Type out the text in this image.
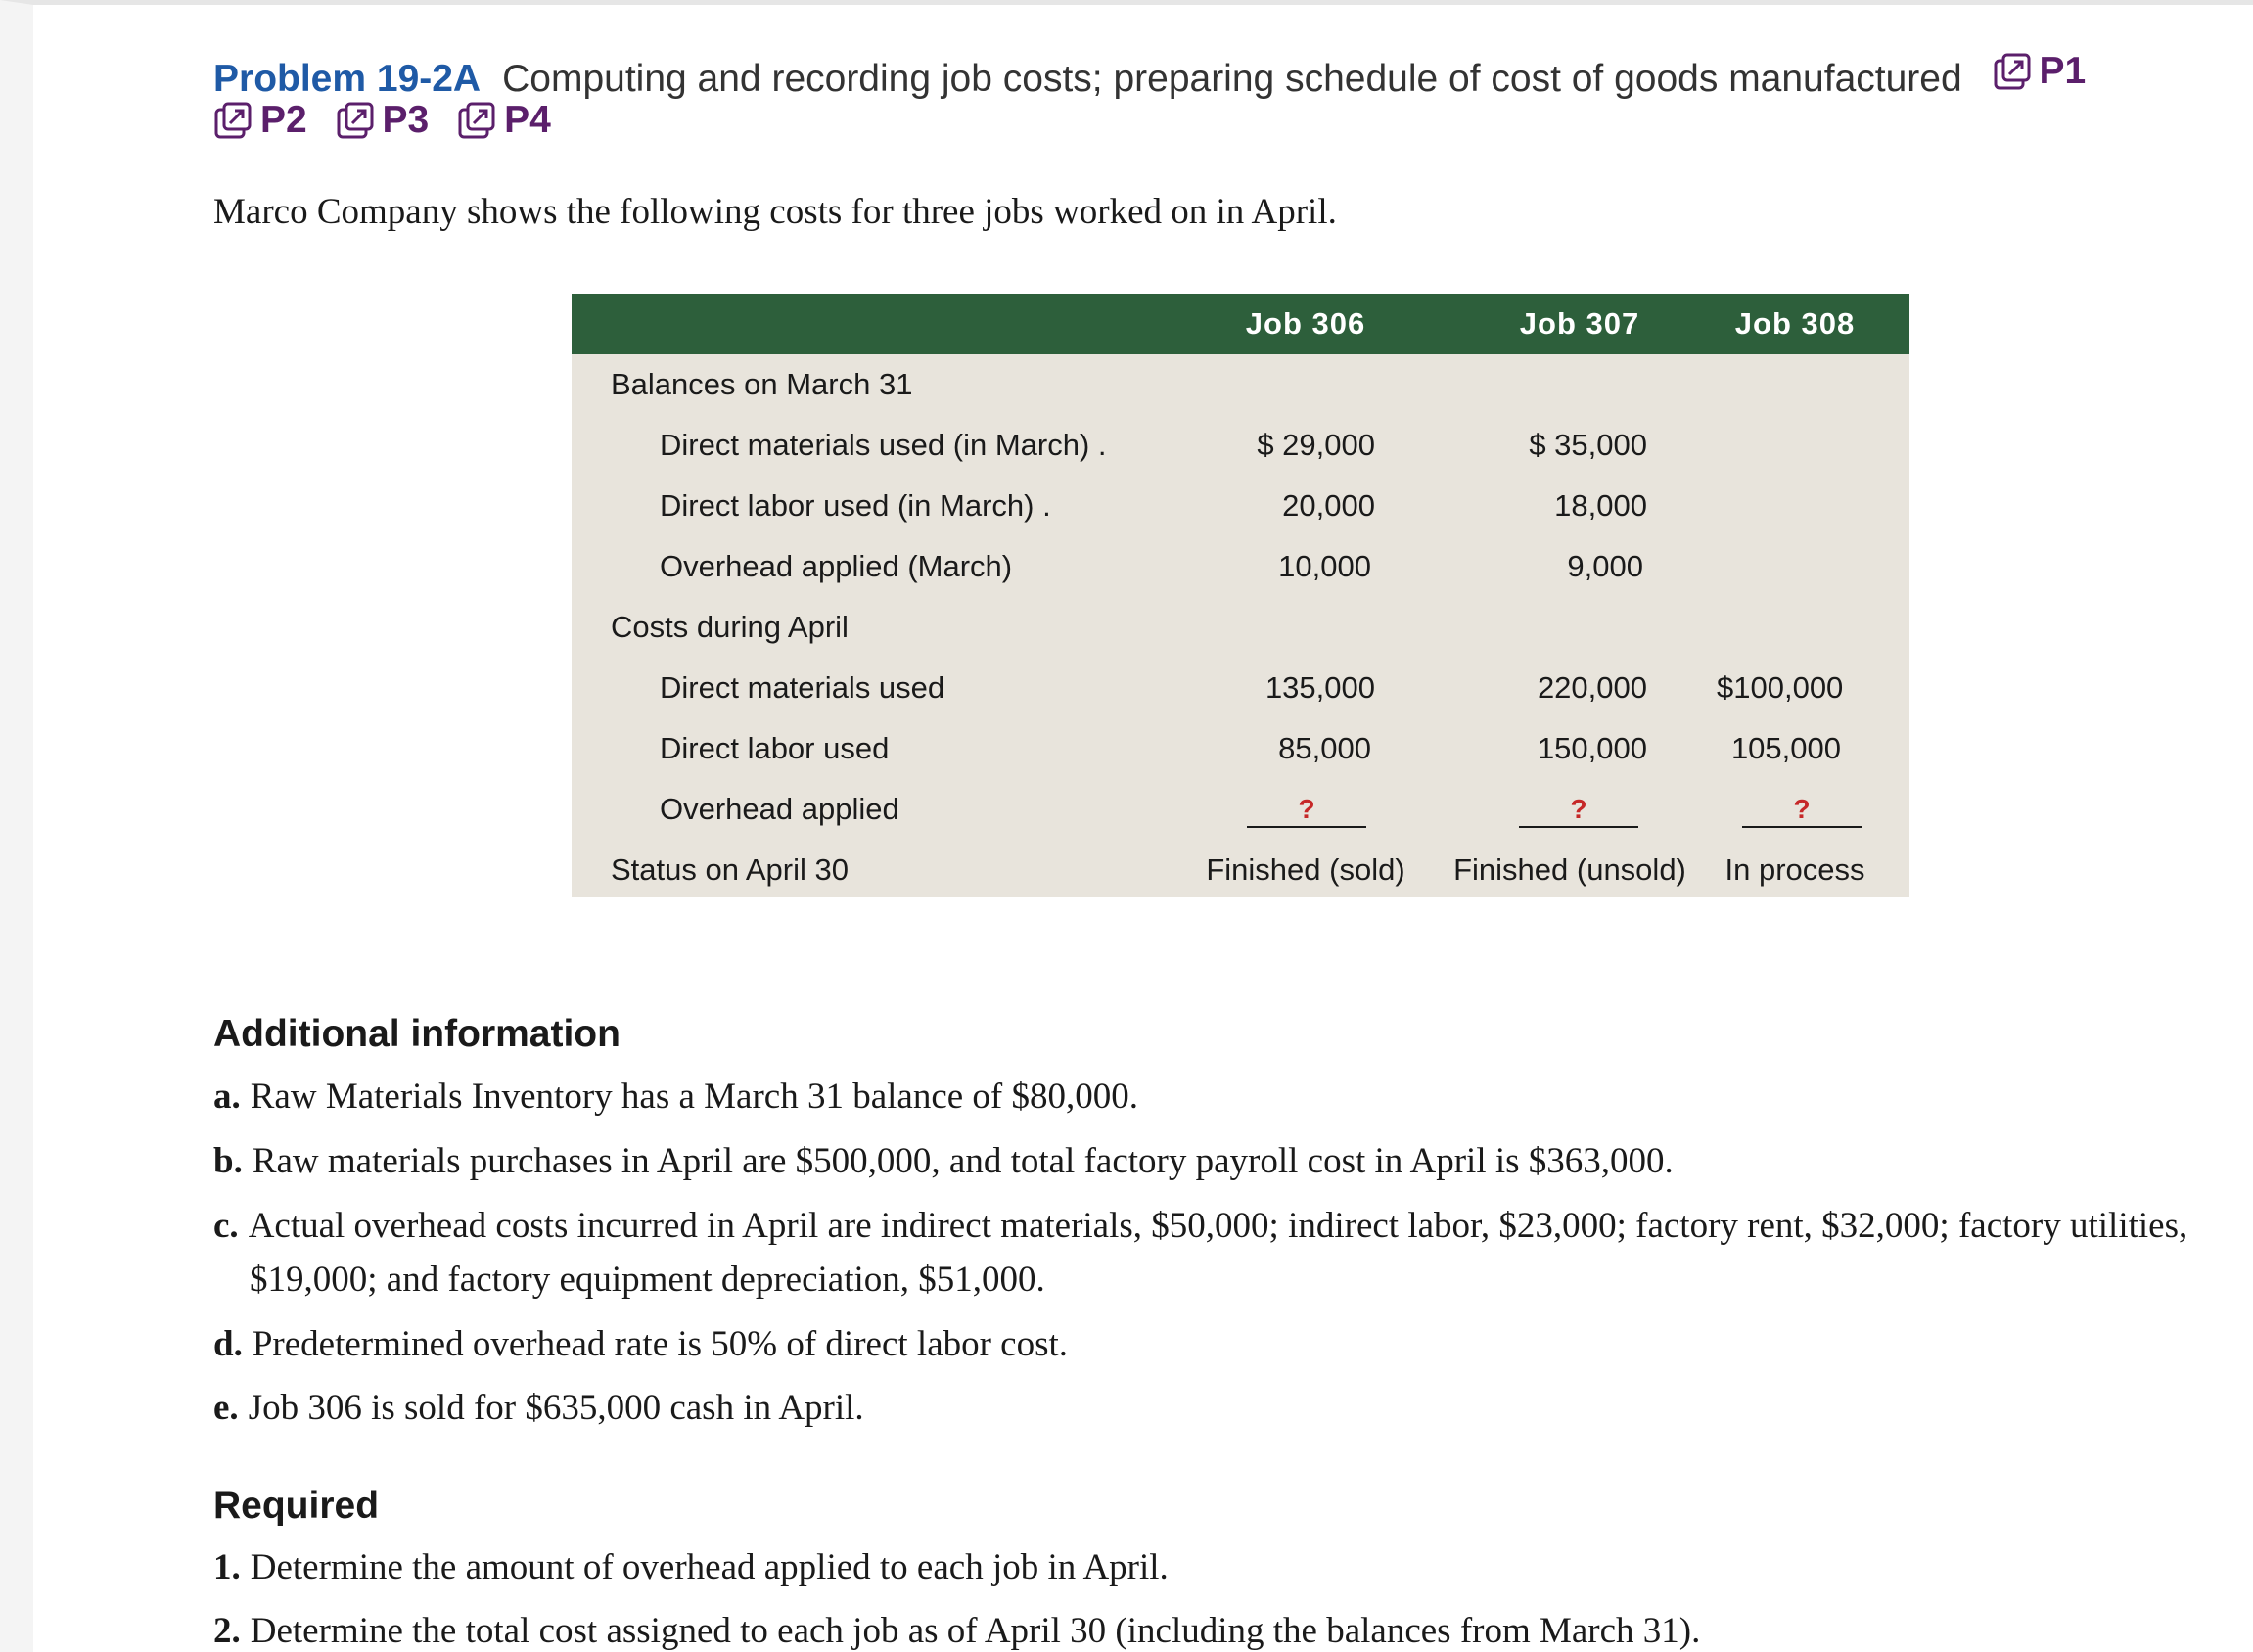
Problem 19-2A Computing and recording job costs; preparing schedule of cost of goods manufactured P1
P2
P3
P4
Marco Company shows the following costs for three jobs worked on in April.
Job 306	Job 307	Job 308
Balances on March 31
Direct materials used (in March) .	$ 29,000	$ 35,000
Direct labor used (in March) .	20,000	18,000
Overhead applied (March)	10,000	9,000
Costs during April
Direct materials used	135,000	220,000 $100,000
Direct labor used	85,000	150,000	105,000
Overhead applied	?	?	?
Status on April 30	Finished (sold)	Finished (unsold)	In process
Additional information
a. Raw Materials Inventory has a March 31 balance of $80,000.
b. Raw materials purchases in April are $500,000, and total factory payroll cost in April is $363,000.
c. Actual overhead costs incurred in April are indirect materials, $50,000; indirect labor, $23,000; factory rent, $32,000; factory utilities,
$19,000; and factory equipment depreciation, $51,000.
d. Predetermined overhead rate is 50% of direct labor cost.
e. Job 306 is sold for $635,000 cash in April.
Required
1. Determine the amount of overhead applied to each job in April.
2. Determine the total cost assigned to each job as of April 30 (including the balances from March 31).
